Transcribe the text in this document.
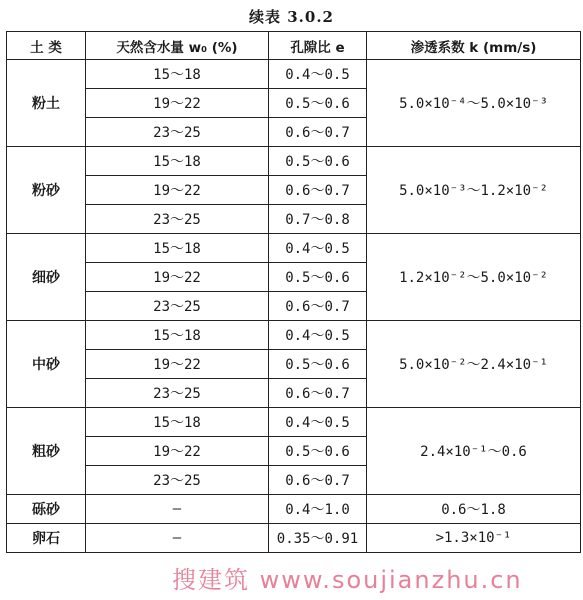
续表 3.0.2
土 类	天然含水量 w₀ (%)	孔隙比 e	渗透系数 k (mm/s)
粉土	15～18	0.4～0.5	5.0×10⁻⁴～5.0×10⁻³
	19～22	0.5～0.6	
	23～25	0.6～0.7	
粉砂	15～18	0.5～0.6	5.0×10⁻³～1.2×10⁻²
	19～22	0.6～0.7	
	23～25	0.7～0.8	
细砂	15～18	0.4～0.5	1.2×10⁻²～5.0×10⁻²
	19～22	0.5～0.6	
	23～25	0.6～0.7	
中砂	15～18	0.4～0.5	5.0×10⁻²～2.4×10⁻¹
	19～22	0.5～0.6	
	23～25	0.6～0.7	
粗砂	15～18	0.4～0.5	2.4×10⁻¹～0.6
	19～22	0.5～0.6	
	23～25	0.6～0.7	
砾砂	—	0.4～1.0	0.6～1.8
卵石	—	0.35～0.91	>1.3×10⁻¹
搜建筑 www.soujianzhu.cn
